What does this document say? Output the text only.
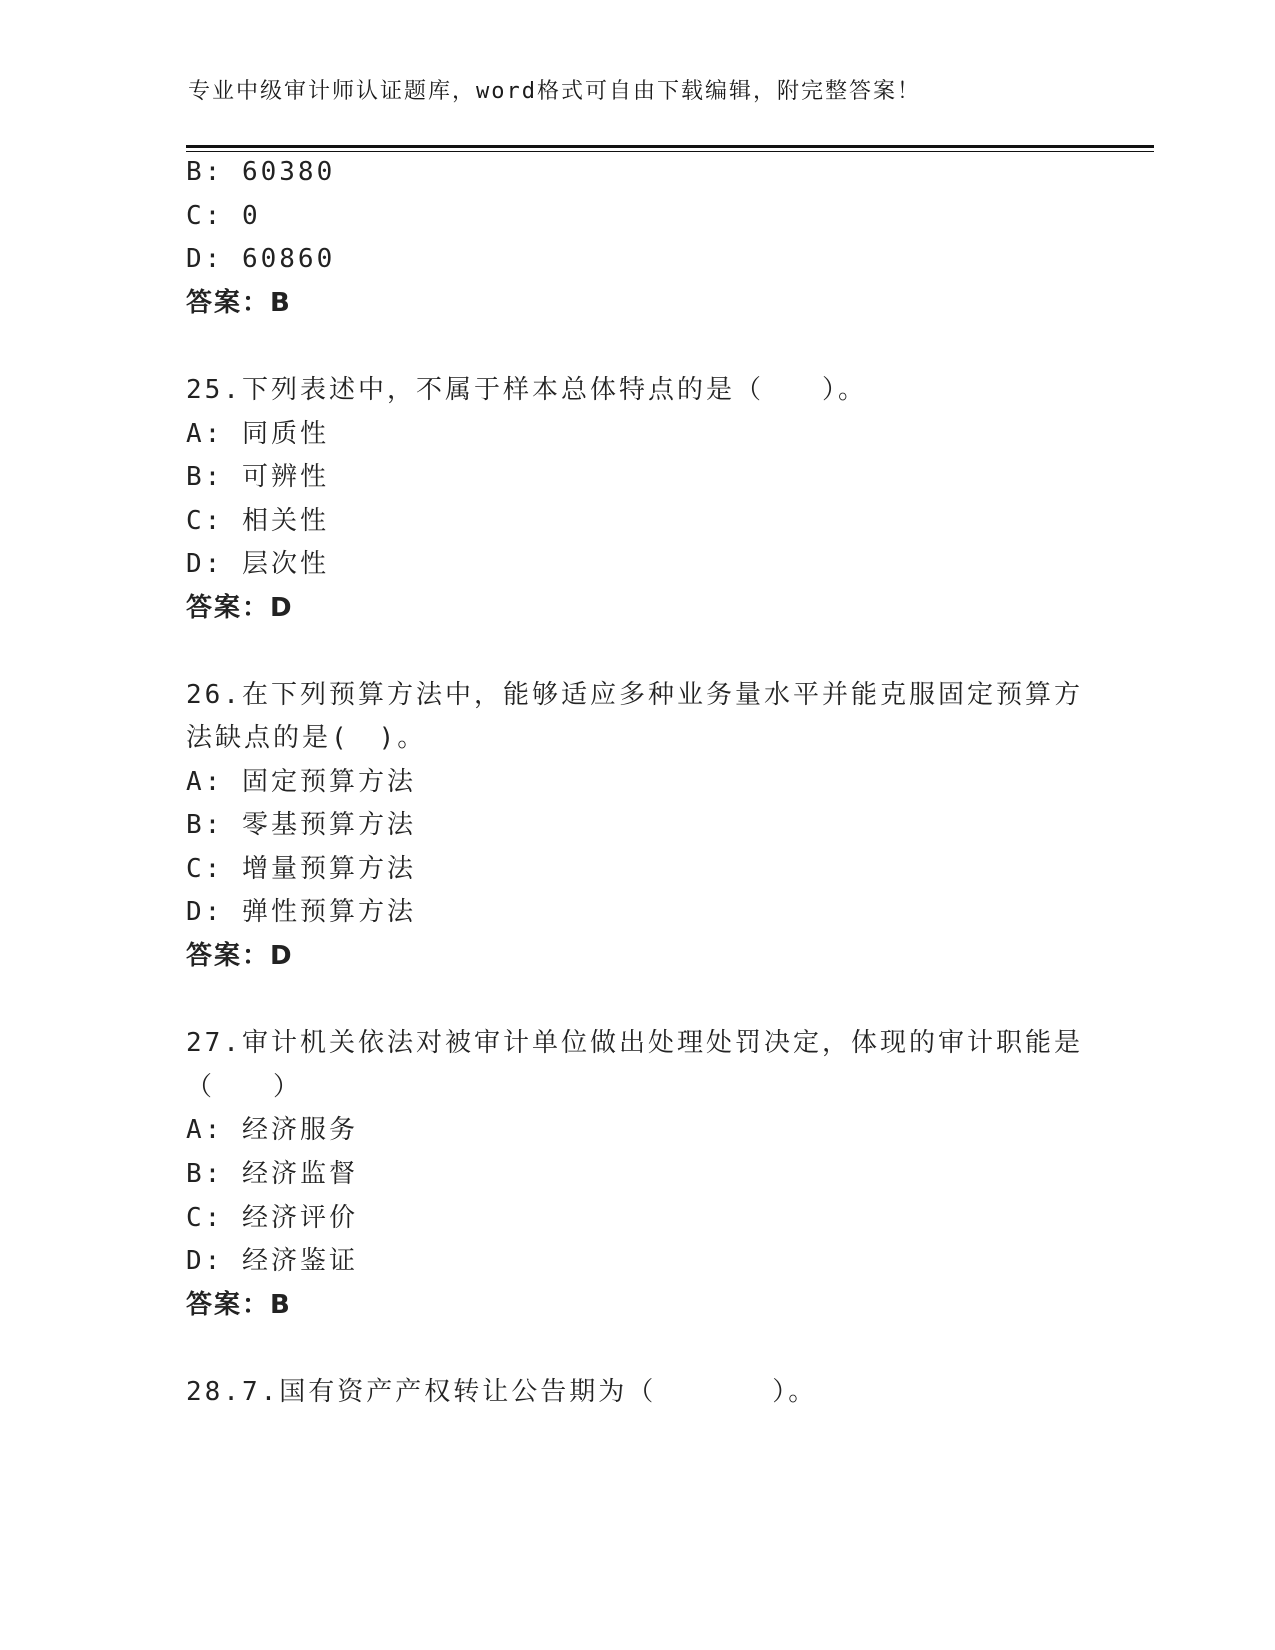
专业中级审计师认证题库，word格式可自由下载编辑，附完整答案！
B: 60380
C: 0
D: 60860
答案：B
25.下列表述中，不属于样本总体特点的是（　　）。
A: 同质性
B: 可辨性
C: 相关性
D: 层次性
答案：D
26.在下列预算方法中，能够适应多种业务量水平并能克服固定预算方
法缺点的是(　)。
A: 固定预算方法
B: 零基预算方法
C: 增量预算方法
D: 弹性预算方法
答案：D
27.审计机关依法对被审计单位做出处理处罚决定，体现的审计职能是
（　　）
A: 经济服务
B: 经济监督
C: 经济评价
D: 经济鉴证
答案：B
28.7.国有资产产权转让公告期为（　　　　）。
